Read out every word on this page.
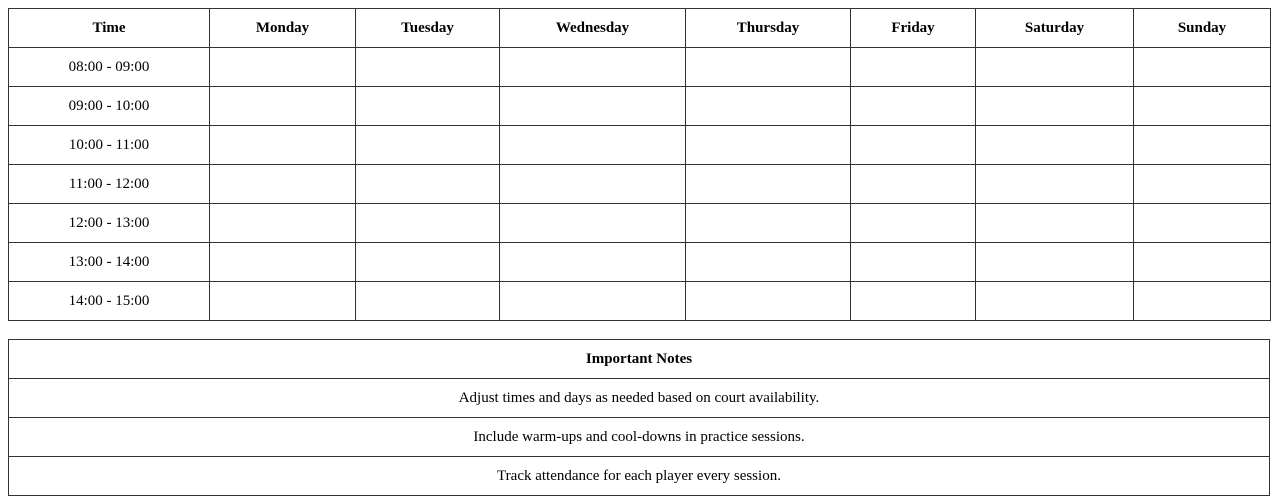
Time	Monday	Tuesday	Wednesday	Thursday	Friday	Saturday	Sunday
08:00 - 09:00							
09:00 - 10:00							
10:00 - 11:00							
11:00 - 12:00							
12:00 - 13:00							
13:00 - 14:00							
14:00 - 15:00							
Important Notes
Adjust times and days as needed based on court availability.
Include warm-ups and cool-downs in practice sessions.
Track attendance for each player every session.
